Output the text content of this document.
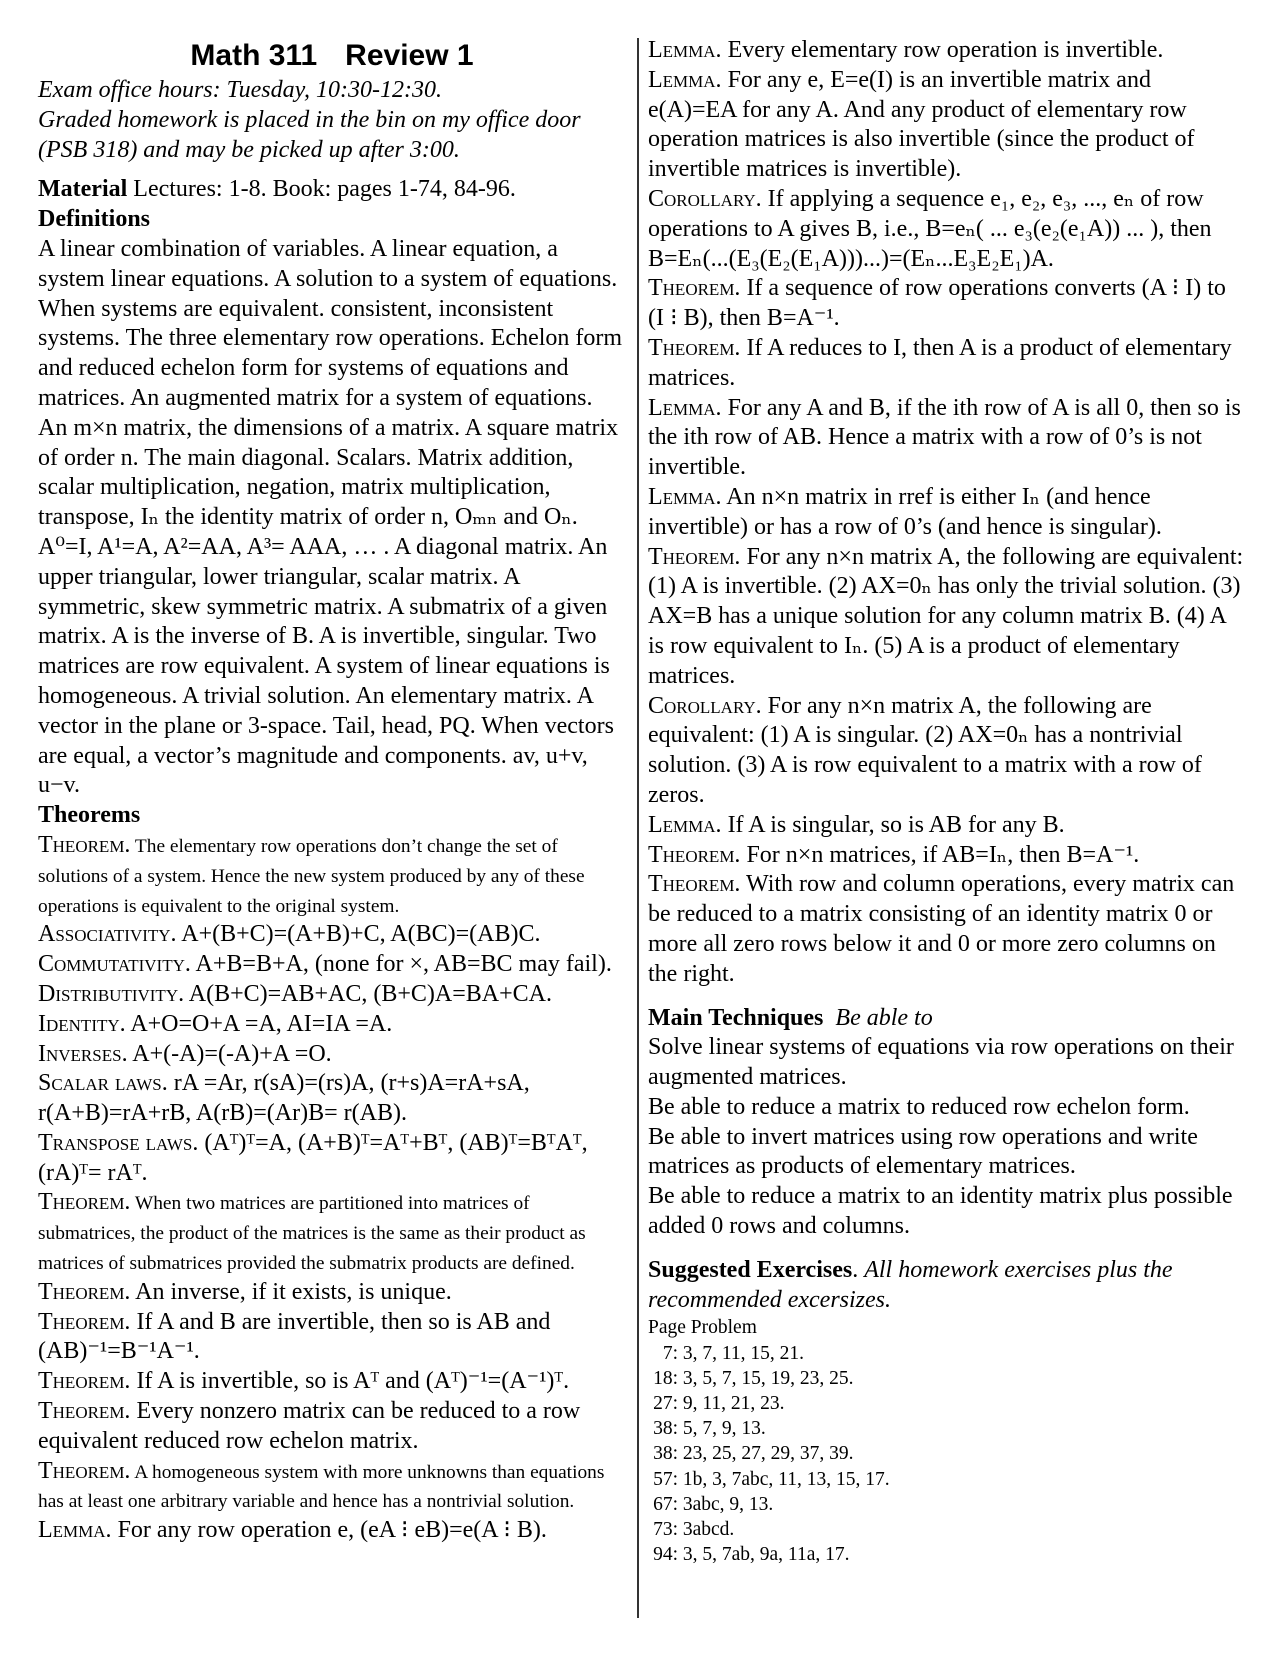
Math 311 Review 1

Exam office hours: Tuesday, 10:30-12:30.

Graded homework is placed in the bin on my office door (PSB 318) and may be picked up after 3:00.

Material Lectures: 1-8. Book: pages 1-74, 84-96.

Definitions

A linear combination of variables. A linear equation, a system linear equations. A solution to a system of equations. When systems are equivalent. consistent, inconsistent systems. The three elementary row operations. Echelon form and reduced echelon form for systems of equations and matrices. An augmented matrix for a system of equations. An m×n matrix, the dimensions of a matrix. A square matrix of order n. The main diagonal. Scalars. Matrix addition, scalar multiplication, negation, matrix multiplication, transpose, Iₙ the identity matrix of order n, Oₘₙ and Oₙ. A⁰=I, A¹=A, A²=AA, A³= AAA, … . A diagonal matrix. An upper triangular, lower triangular, scalar matrix. A symmetric, skew symmetric matrix. A submatrix of a given matrix. A is the inverse of B. A is invertible, singular. Two matrices are row equivalent. A system of linear equations is homogeneous. A trivial solution. An elementary matrix. A vector in the plane or 3-space. Tail, head, PQ. When vectors are equal, a vector’s magnitude and components. av, u+v, u−v.

Theorems

Theorem. The elementary row operations don’t change the set of solutions of a system. Hence the new system produced by any of these operations is equivalent to the original system.

Associativity. A+(B+C)=(A+B)+C, A(BC)=(AB)C.

Commutativity. A+B=B+A, (none for ×, AB=BC may fail).

Distributivity. A(B+C)=AB+AC, (B+C)A=BA+CA.

Identity. A+O=O+A =A, AI=IA =A.

Inverses. A+(-A)=(-A)+A =O.

Scalar laws. rA =Ar, r(sA)=(rs)A, (r+s)A=rA+sA, r(A+B)=rA+rB, A(rB)=(Ar)B= r(AB).

Transpose laws. (Aᵀ)ᵀ=A, (A+B)ᵀ=Aᵀ+Bᵀ, (AB)ᵀ=BᵀAᵀ, (rA)ᵀ= rAᵀ.

Theorem. When two matrices are partitioned into matrices of submatrices, the product of the matrices is the same as their product as matrices of submatrices provided the submatrix products are defined.

Theorem. An inverse, if it exists, is unique.

Theorem. If A and B are invertible, then so is AB and (AB)⁻¹=B⁻¹A⁻¹.

Theorem. If A is invertible, so is Aᵀ and (Aᵀ)⁻¹=(A⁻¹)ᵀ.

Theorem. Every nonzero matrix can be reduced to a row equivalent reduced row echelon matrix.

Theorem. A homogeneous system with more unknowns than equations has at least one arbitrary variable and hence has a nontrivial solution.

Lemma. For any row operation e, (eA ⁝ eB)=e(A ⁝ B).

Lemma. Every elementary row operation is invertible.

Lemma. For any e, E=e(I) is an invertible matrix and e(A)=EA for any A. And any product of elementary row operation matrices is also invertible (since the product of invertible matrices is invertible).

Corollary. If applying a sequence e₁, e₂, e₃, ..., eₙ of row operations to A gives B, i.e., B=eₙ( ... e₃(e₂(e₁A)) ... ), then B=Eₙ(...(E₃(E₂(E₁A)))...)=(Eₙ...E₃E₂E₁)A.

Theorem. If a sequence of row operations converts (A ⁝ I) to (I ⁝ B), then B=A⁻¹.

Theorem. If A reduces to I, then A is a product of elementary matrices.

Lemma. For any A and B, if the ith row of A is all 0, then so is the ith row of AB. Hence a matrix with a row of 0’s is not invertible.

Lemma. An n×n matrix in rref is either Iₙ (and hence invertible) or has a row of 0’s (and hence is singular).

Theorem. For any n×n matrix A, the following are equivalent: (1) A is invertible. (2) AX=0ₙ has only the trivial solution. (3) AX=B has a unique solution for any column matrix B. (4) A is row equivalent to Iₙ. (5) A is a product of elementary matrices.

Corollary. For any n×n matrix A, the following are equivalent: (1) A is singular. (2) AX=0ₙ has a nontrivial solution. (3) A is row equivalent to a matrix with a row of zeros.

Lemma. If A is singular, so is AB for any B.

Theorem. For n×n matrices, if AB=Iₙ, then B=A⁻¹.

Theorem. With row and column operations, every matrix can be reduced to a matrix consisting of an identity matrix 0 or more all zero rows below it and 0 or more zero columns on the right.

Main Techniques Be able to

Solve linear systems of equations via row operations on their augmented matrices.

Be able to reduce a matrix to reduced row echelon form.

Be able to invert matrices using row operations and write matrices as products of elementary matrices.

Be able to reduce a matrix to an identity matrix plus possible added 0 rows and columns.

Suggested Exercises. All homework exercises plus the recommended excersizes.

Page Problem

7: 3, 7, 11, 15, 21.

18: 3, 5, 7, 15, 19, 23, 25.

27: 9, 11, 21, 23.

38: 5, 7, 9, 13.

38: 23, 25, 27, 29, 37, 39.

57: 1b, 3, 7abc, 11, 13, 15, 17.

67: 3abc, 9, 13.

73: 3abcd.

94: 3, 5, 7ab, 9a, 11a, 17.
